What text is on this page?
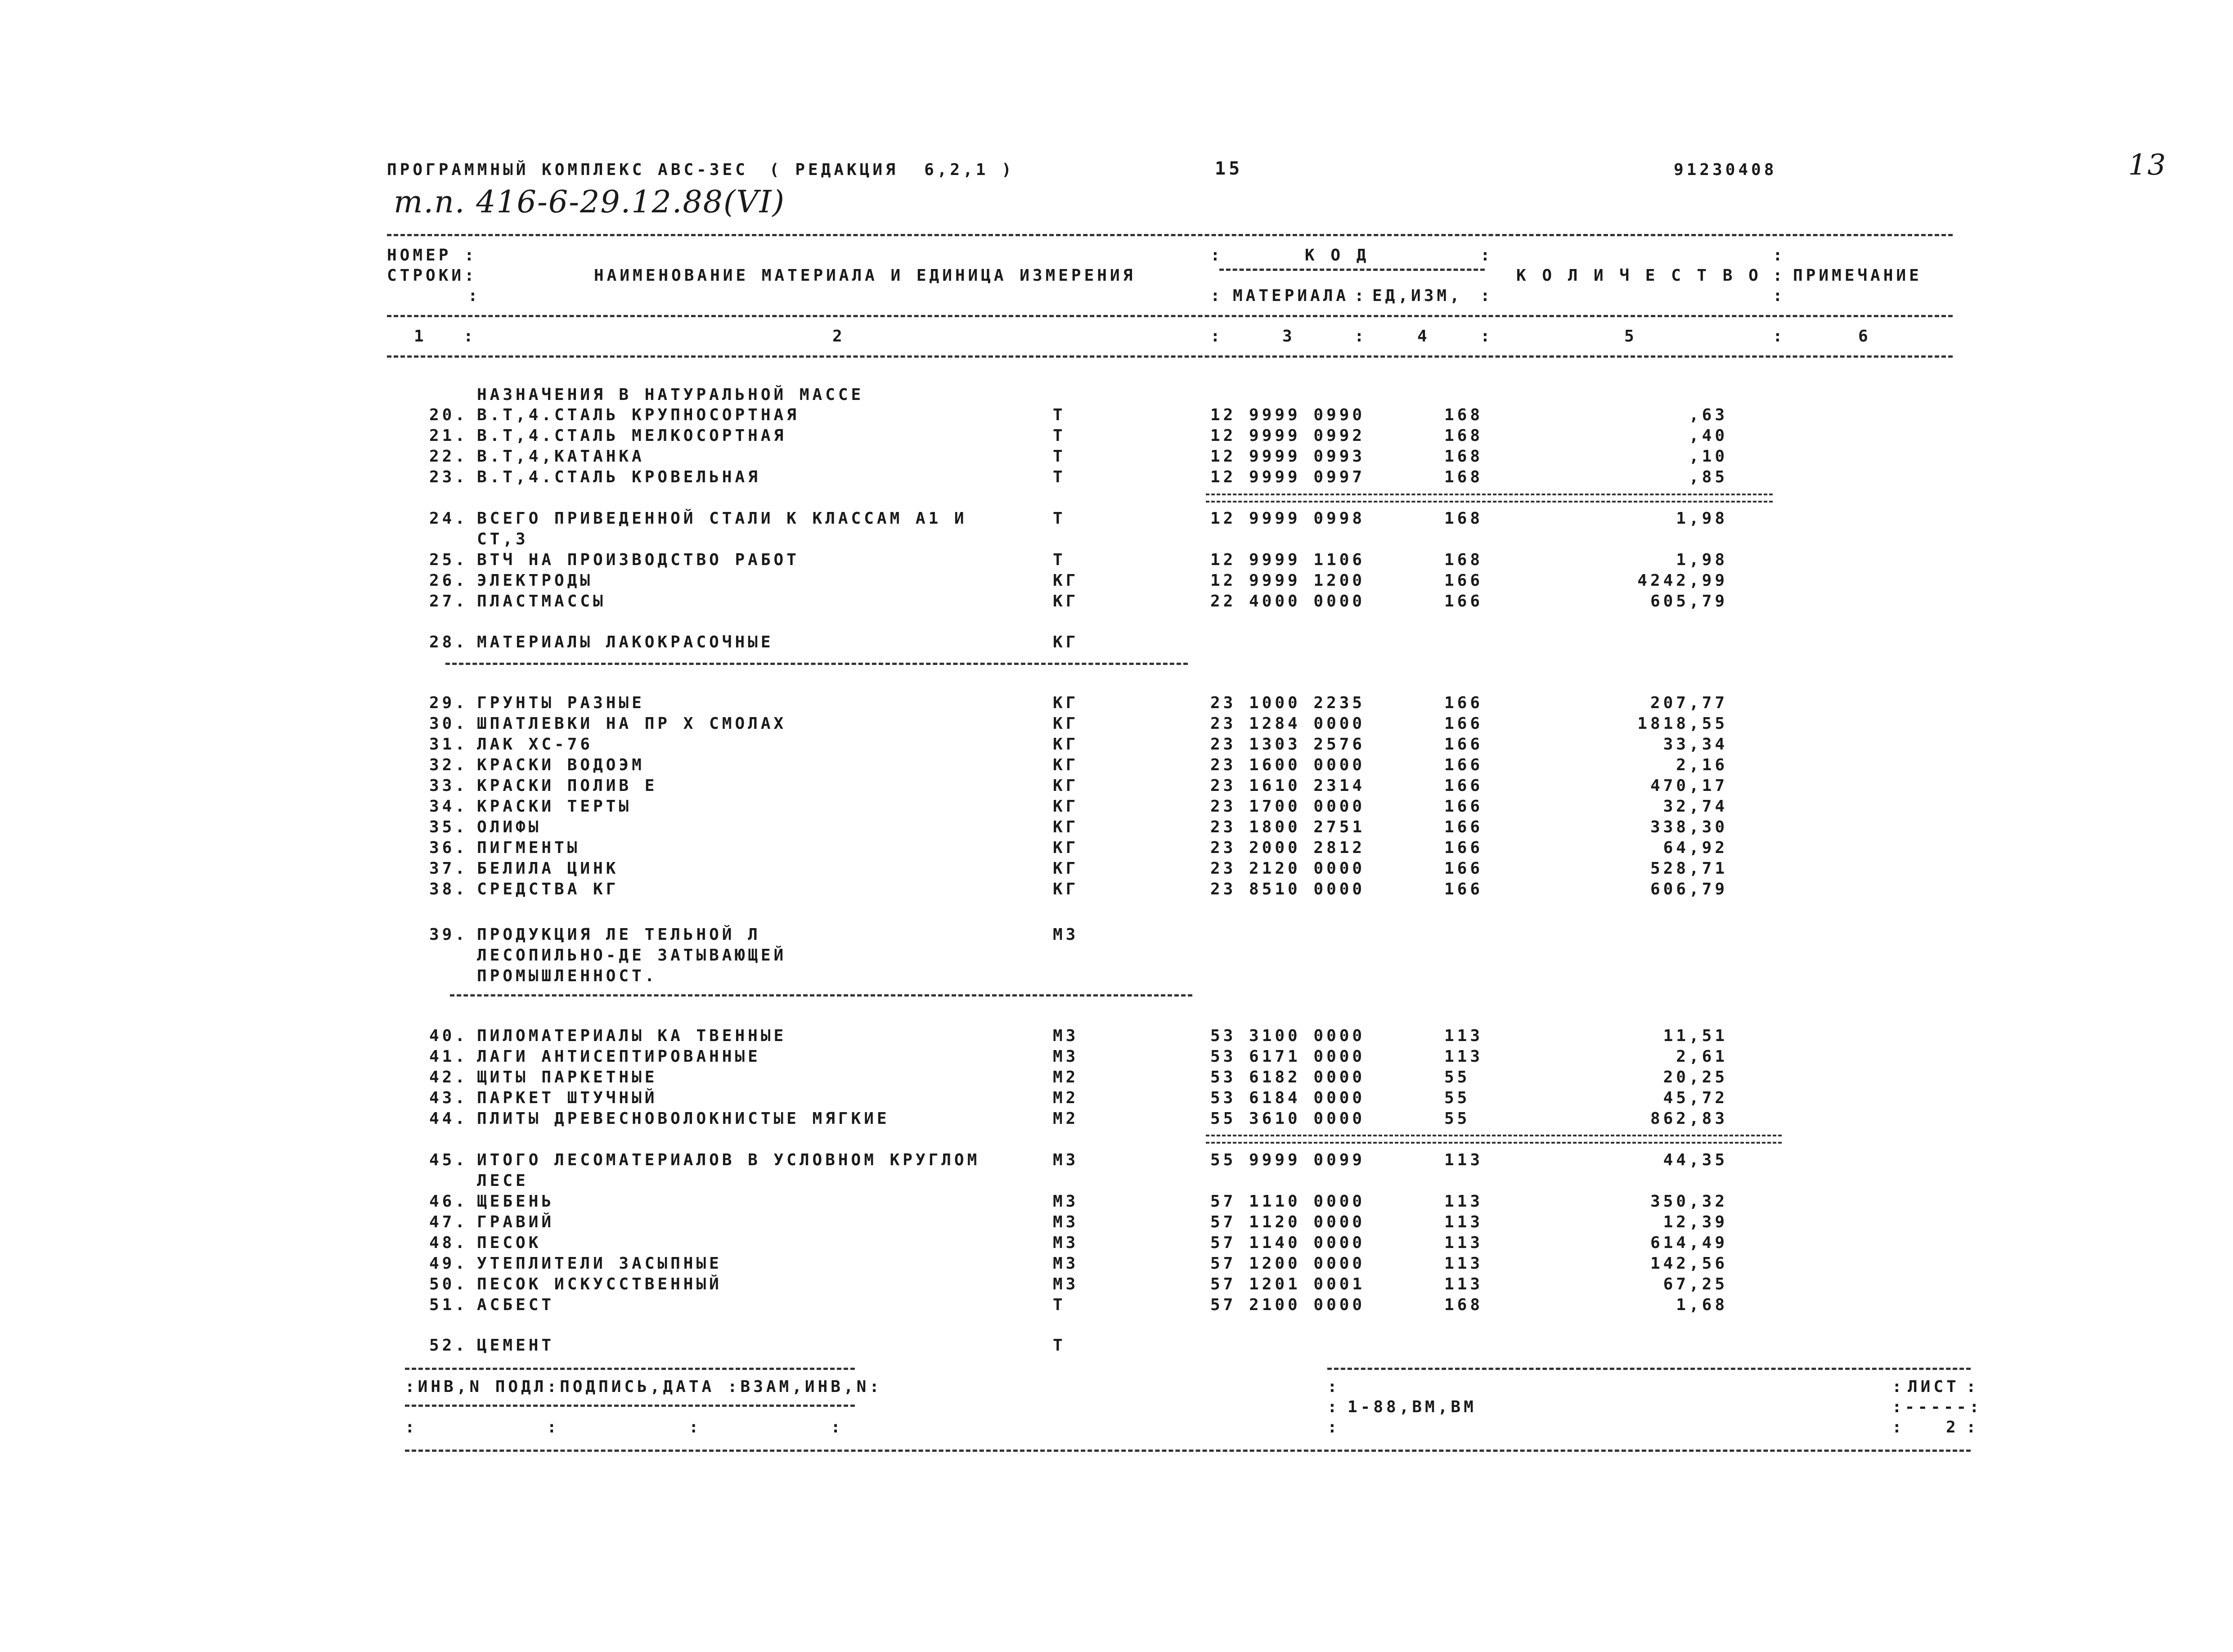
ПРОГРАММНЫЙ КОМПЛЕКС АВС-3ЕС ( РЕДАКЦИЯ  6,2,1 )	15	91230408	13
т.п. 416-6-29.12.88(VI)
НОМЕР :
СТРОКИ:
:
НАИМЕНОВАНИЕ МАТЕРИАЛА И ЕДИНИЦА ИЗМЕРЕНИЯ
:	К О Д	:
: МАТЕРИАЛА : ЕД,ИЗМ, :
К О Л И Ч Е С Т В О
:
:
:
ПРИМЕЧАНИЕ
1 :	2	:	3	:	4	:	5	:	6
НАЗНАЧЕНИЯ В НАТУРАЛЬНОЙ МАССЕ
20. В.Т,4.СТАЛЬ КРУПНОСОРТНАЯ	Т	12 9999 0990	168	,63
21. В.Т,4.СТАЛЬ МЕЛКОСОРТНАЯ	Т	12 9999 0992	168	,40
22. В.Т,4,КАТАНКА	Т	12 9999 0993	168	,10
23. В.Т,4.СТАЛЬ КРОВЕЛЬНАЯ	Т	12 9999 0997	168	,85
24. ВСЕГО ПРИВЕДЕННОЙ СТАЛИ К КЛАССАМ А1 И	Т	12 9999 0998	168	1,98
СТ,3
25. ВТЧ НА ПРОИЗВОДСТВО РАБОТ	Т	12 9999 1106	168	1,98
26. ЭЛЕКТРОДЫ	КГ	12 9999 1200	166	4242,99
27. ПЛАСТМАССЫ	КГ	22 4000 0000	166	605,79
28. МАТЕРИАЛЫ ЛАКОКРАСОЧНЫЕ	КГ
29. ГРУНТЫ РАЗНЫЕ	КГ	23 1000 2235	166	207,77
30. ШПАТЛЕВКИ НА ПР Х СМОЛАХ	КГ	23 1284 0000	166	1818,55
31. ЛАК ХС-76	КГ	23 1303 2576	166	33,34
32. КРАСКИ ВОДОЭМ	КГ	23 1600 0000	166	2,16
33. КРАСКИ ПОЛИВ Е	КГ	23 1610 2314	166	470,17
34. КРАСКИ ТЕРТЫ	КГ	23 1700 0000	166	32,74
35. ОЛИФЫ	КГ	23 1800 2751	166	338,30
36. ПИГМЕНТЫ	КГ	23 2000 2812	166	64,92
37. БЕЛИЛА ЦИНК	КГ	23 2120 0000	166	528,71
38. СРЕДСТВА КГ	КГ	23 8510 0000	166	606,79
39. ПРОДУКЦИЯ ЛЕ ТЕЛЬНОЙ Л	М3
ЛЕСОПИЛЬНО-ДЕ ЗАТЫВАЮЩЕЙ
ПРОМЫШЛЕННОСТ.
40. ПИЛОМАТЕРИАЛЫ КА ТВЕННЫЕ	М3	53 3100 0000	113	11,51
41. ЛАГИ АНТИСЕПТИРОВАННЫЕ	М3	53 6171 0000	113	2,61
42. ЩИТЫ ПАРКЕТНЫЕ	М2	53 6182 0000	55	20,25
43. ПАРКЕТ ШТУЧНЫЙ	М2	53 6184 0000	55	45,72
44. ПЛИТЫ ДРЕВЕСНОВОЛОКНИСТЫЕ МЯГКИЕ	М2	55 3610 0000	55	862,83
45. ИТОГО ЛЕСОМАТЕРИАЛОВ В УСЛОВНОМ КРУГЛОМ	М3	55 9999 0099	113	44,35
ЛЕСЕ
46. ЩЕБЕНЬ	М3	57 1110 0000	113	350,32
47. ГРАВИЙ	М3	57 1120 0000	113	12,39
48. ПЕСОК	М3	57 1140 0000	113	614,49
49. УТЕПЛИТЕЛИ ЗАСЫПНЫЕ	М3	57 1200 0000	113	142,56
50. ПЕСОК ИСКУССТВЕННЫЙ	М3	57 1201 0001	113	67,25
51. АСБЕСТ	Т	57 2100 0000	168	1,68
52. ЦЕМЕНТ	Т
:ИНВ,N ПОДЛ:ПОДПИСЬ,ДАТА :ВЗАМ,ИНВ,N:	:	: ЛИСТ :
: 1-88,ВМ,ВМ	:-----:
:          :          :          :	:	:	2 :
